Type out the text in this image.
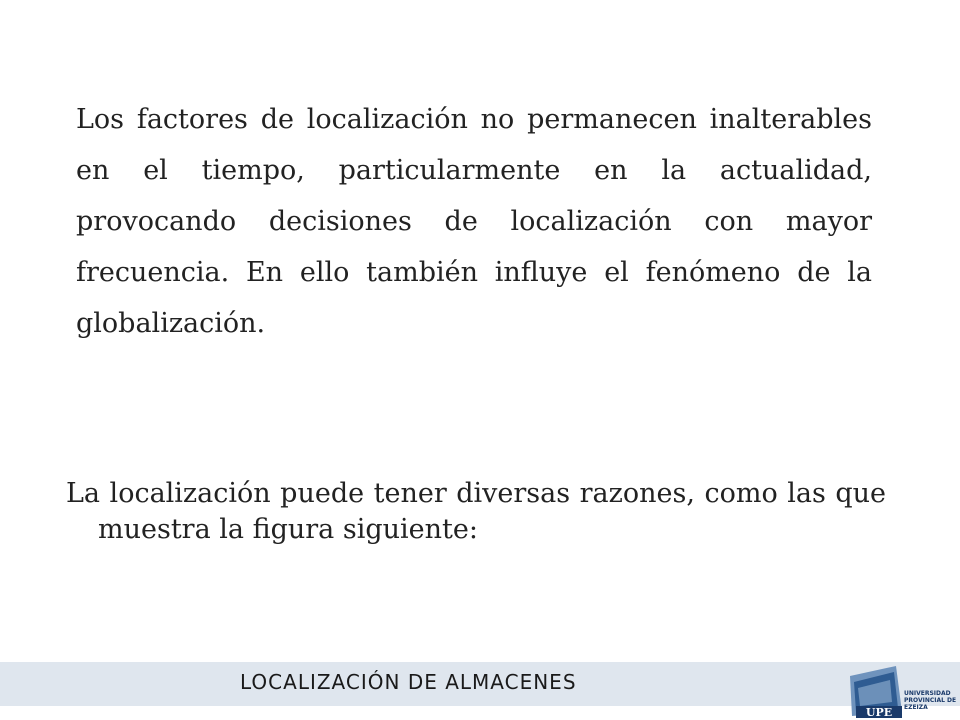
Los factores de localización no permanecen inalterables en el tiempo, particularmente en la actualidad, provocando decisiones de localización con mayor frecuencia. En ello también influye el fenómeno de la globalización.

La localización puede tener diversas razones, como las que muestra la figura siguiente:

LOCALIZACIÓN DE ALMACENES

UPE
UNIVERSIDAD
PROVINCIAL DE
EZEIZA
